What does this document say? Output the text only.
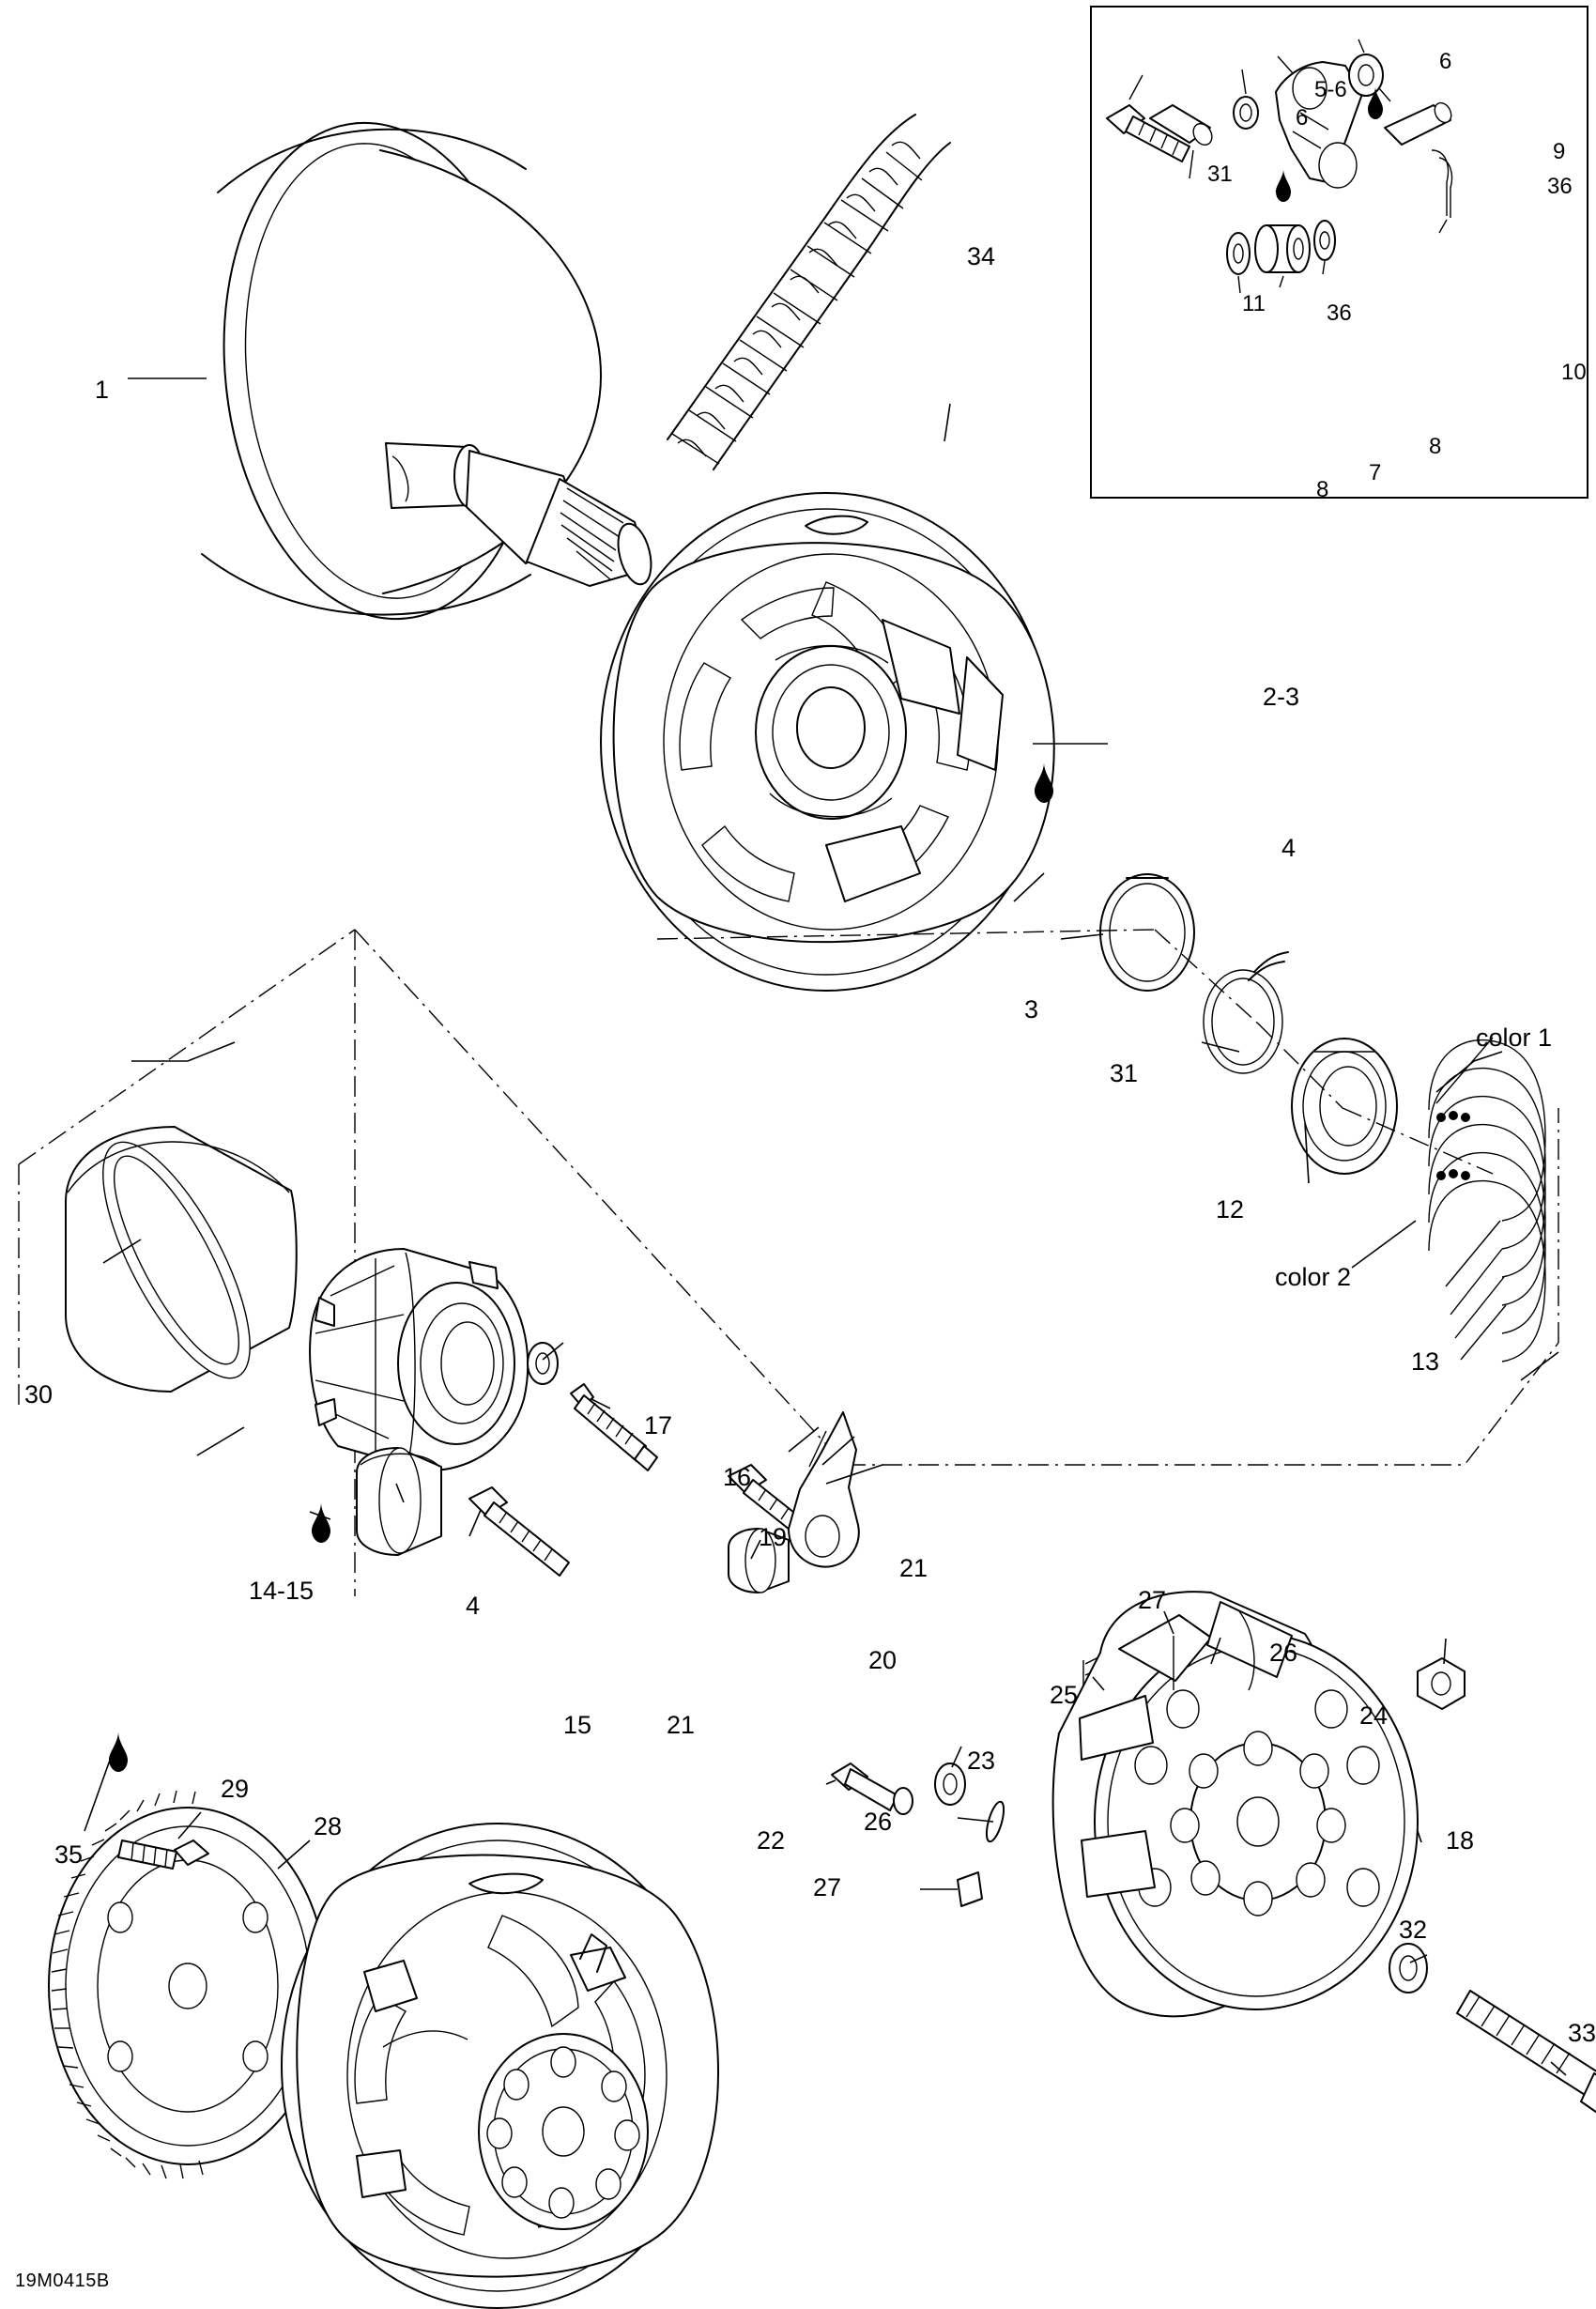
1
34
2-3
4
3
31
12
color 1
color 2
13
30
17
16
14-15
4
19
21
20
15	21
27
26
25
24
23
22
29
28
35
26
27
18
32
33
31
6
5-6
6
9
36
11	36
10
8
7
8
19M0415B
